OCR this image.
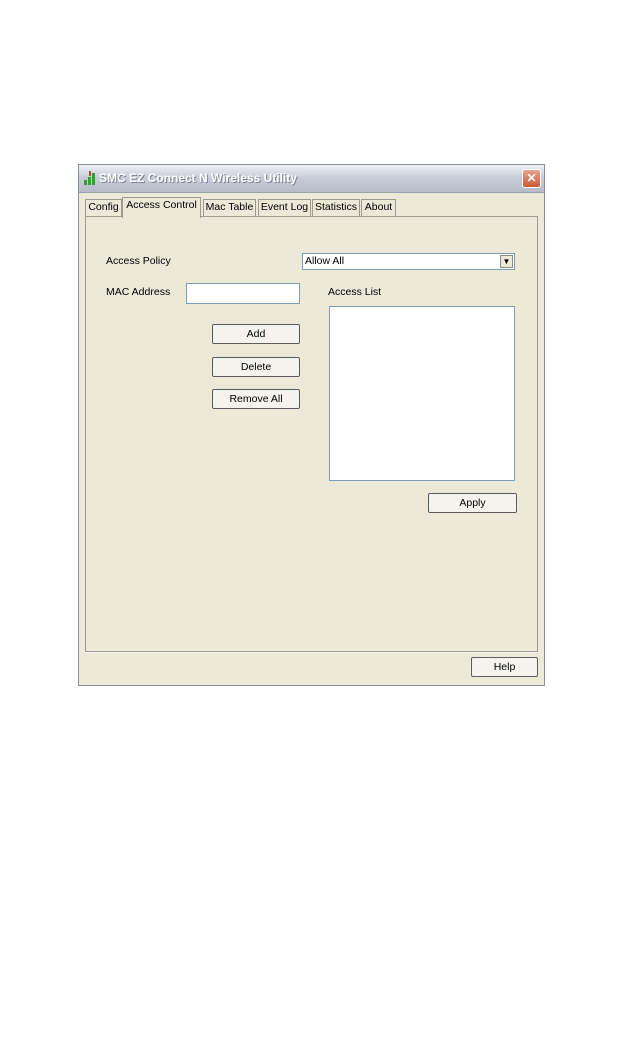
SMC EZ Connect N Wireless Utility	✕
Config Access Control Mac Table Event Log Statistics About
Access Policy	Allow All	▼
MAC Address	Access List
Add
Delete
Remove All
Apply
Help
